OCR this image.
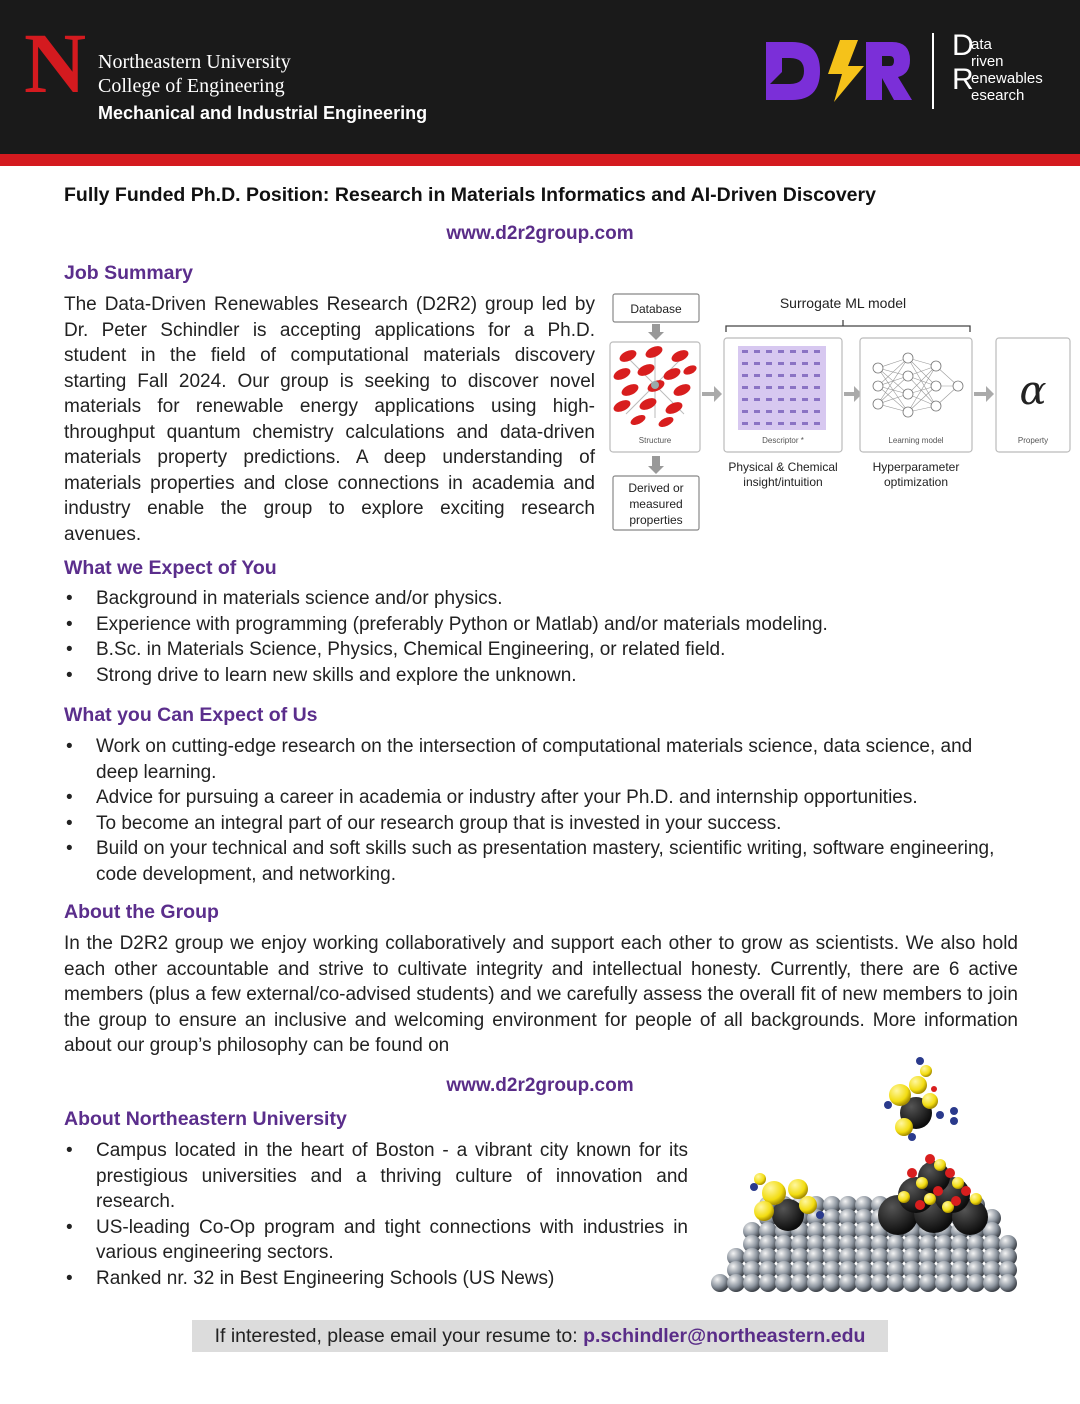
N Northeastern University
College of Engineering
Mechanical and Industrial Engineering
Data
riven
Renewables
esearch
Fully Funded Ph.D. Position: Research in Materials Informatics and AI-Driven Discovery
www.d2r2group.com
Job Summary
The Data-Driven Renewables Research (D2R2) group led by Dr. Peter Schindler is accepting applications for a Ph.D. student in the field of computational materials discovery starting Fall 2024. Our group is seeking to discover novel materials for renewable energy applications using high-throughput quantum chemistry calculations and data-driven materials property predictions. A deep understanding of materials properties and close connections in academia and industry enable the group to explore exciting research avenues.
Database
Structure
Derived or
measured
properties
Surrogate ML model
Descriptor *
Physical & Chemical
insight/intuition
Learning model
Hyperparameter
optimization
α
Property
What we Expect of You
• Background in materials science and/or physics.
• Experience with programming (preferably Python or Matlab) and/or materials modeling.
• B.Sc. in Materials Science, Physics, Chemical Engineering, or related field.
• Strong drive to learn new skills and explore the unknown.
What you Can Expect of Us
• Work on cutting-edge research on the intersection of computational materials science, data science, and deep learning.
• Advice for pursuing a career in academia or industry after your Ph.D. and internship opportunities.
• To become an integral part of our research group that is invested in your success.
• Build on your technical and soft skills such as presentation mastery, scientific writing, software engineering, code development, and networking.
About the Group
In the D2R2 group we enjoy working collaboratively and support each other to grow as scientists. We also hold each other accountable and strive to cultivate integrity and intellectual honesty. Currently, there are 6 active members (plus a few external/co-advised students) and we carefully assess the overall fit of new members to join the group to ensure an inclusive and welcoming environment for people of all backgrounds. More information about our group’s philosophy can be found on
www.d2r2group.com
About Northeastern University
• Campus located in the heart of Boston - a vibrant city known for its prestigious universities and a thriving culture of innovation and research.
• US-leading Co-Op program and tight connections with industries in various engineering sectors.
• Ranked nr. 32 in Best Engineering Schools (US News)
If interested, please email your resume to: p.schindler@northeastern.edu
